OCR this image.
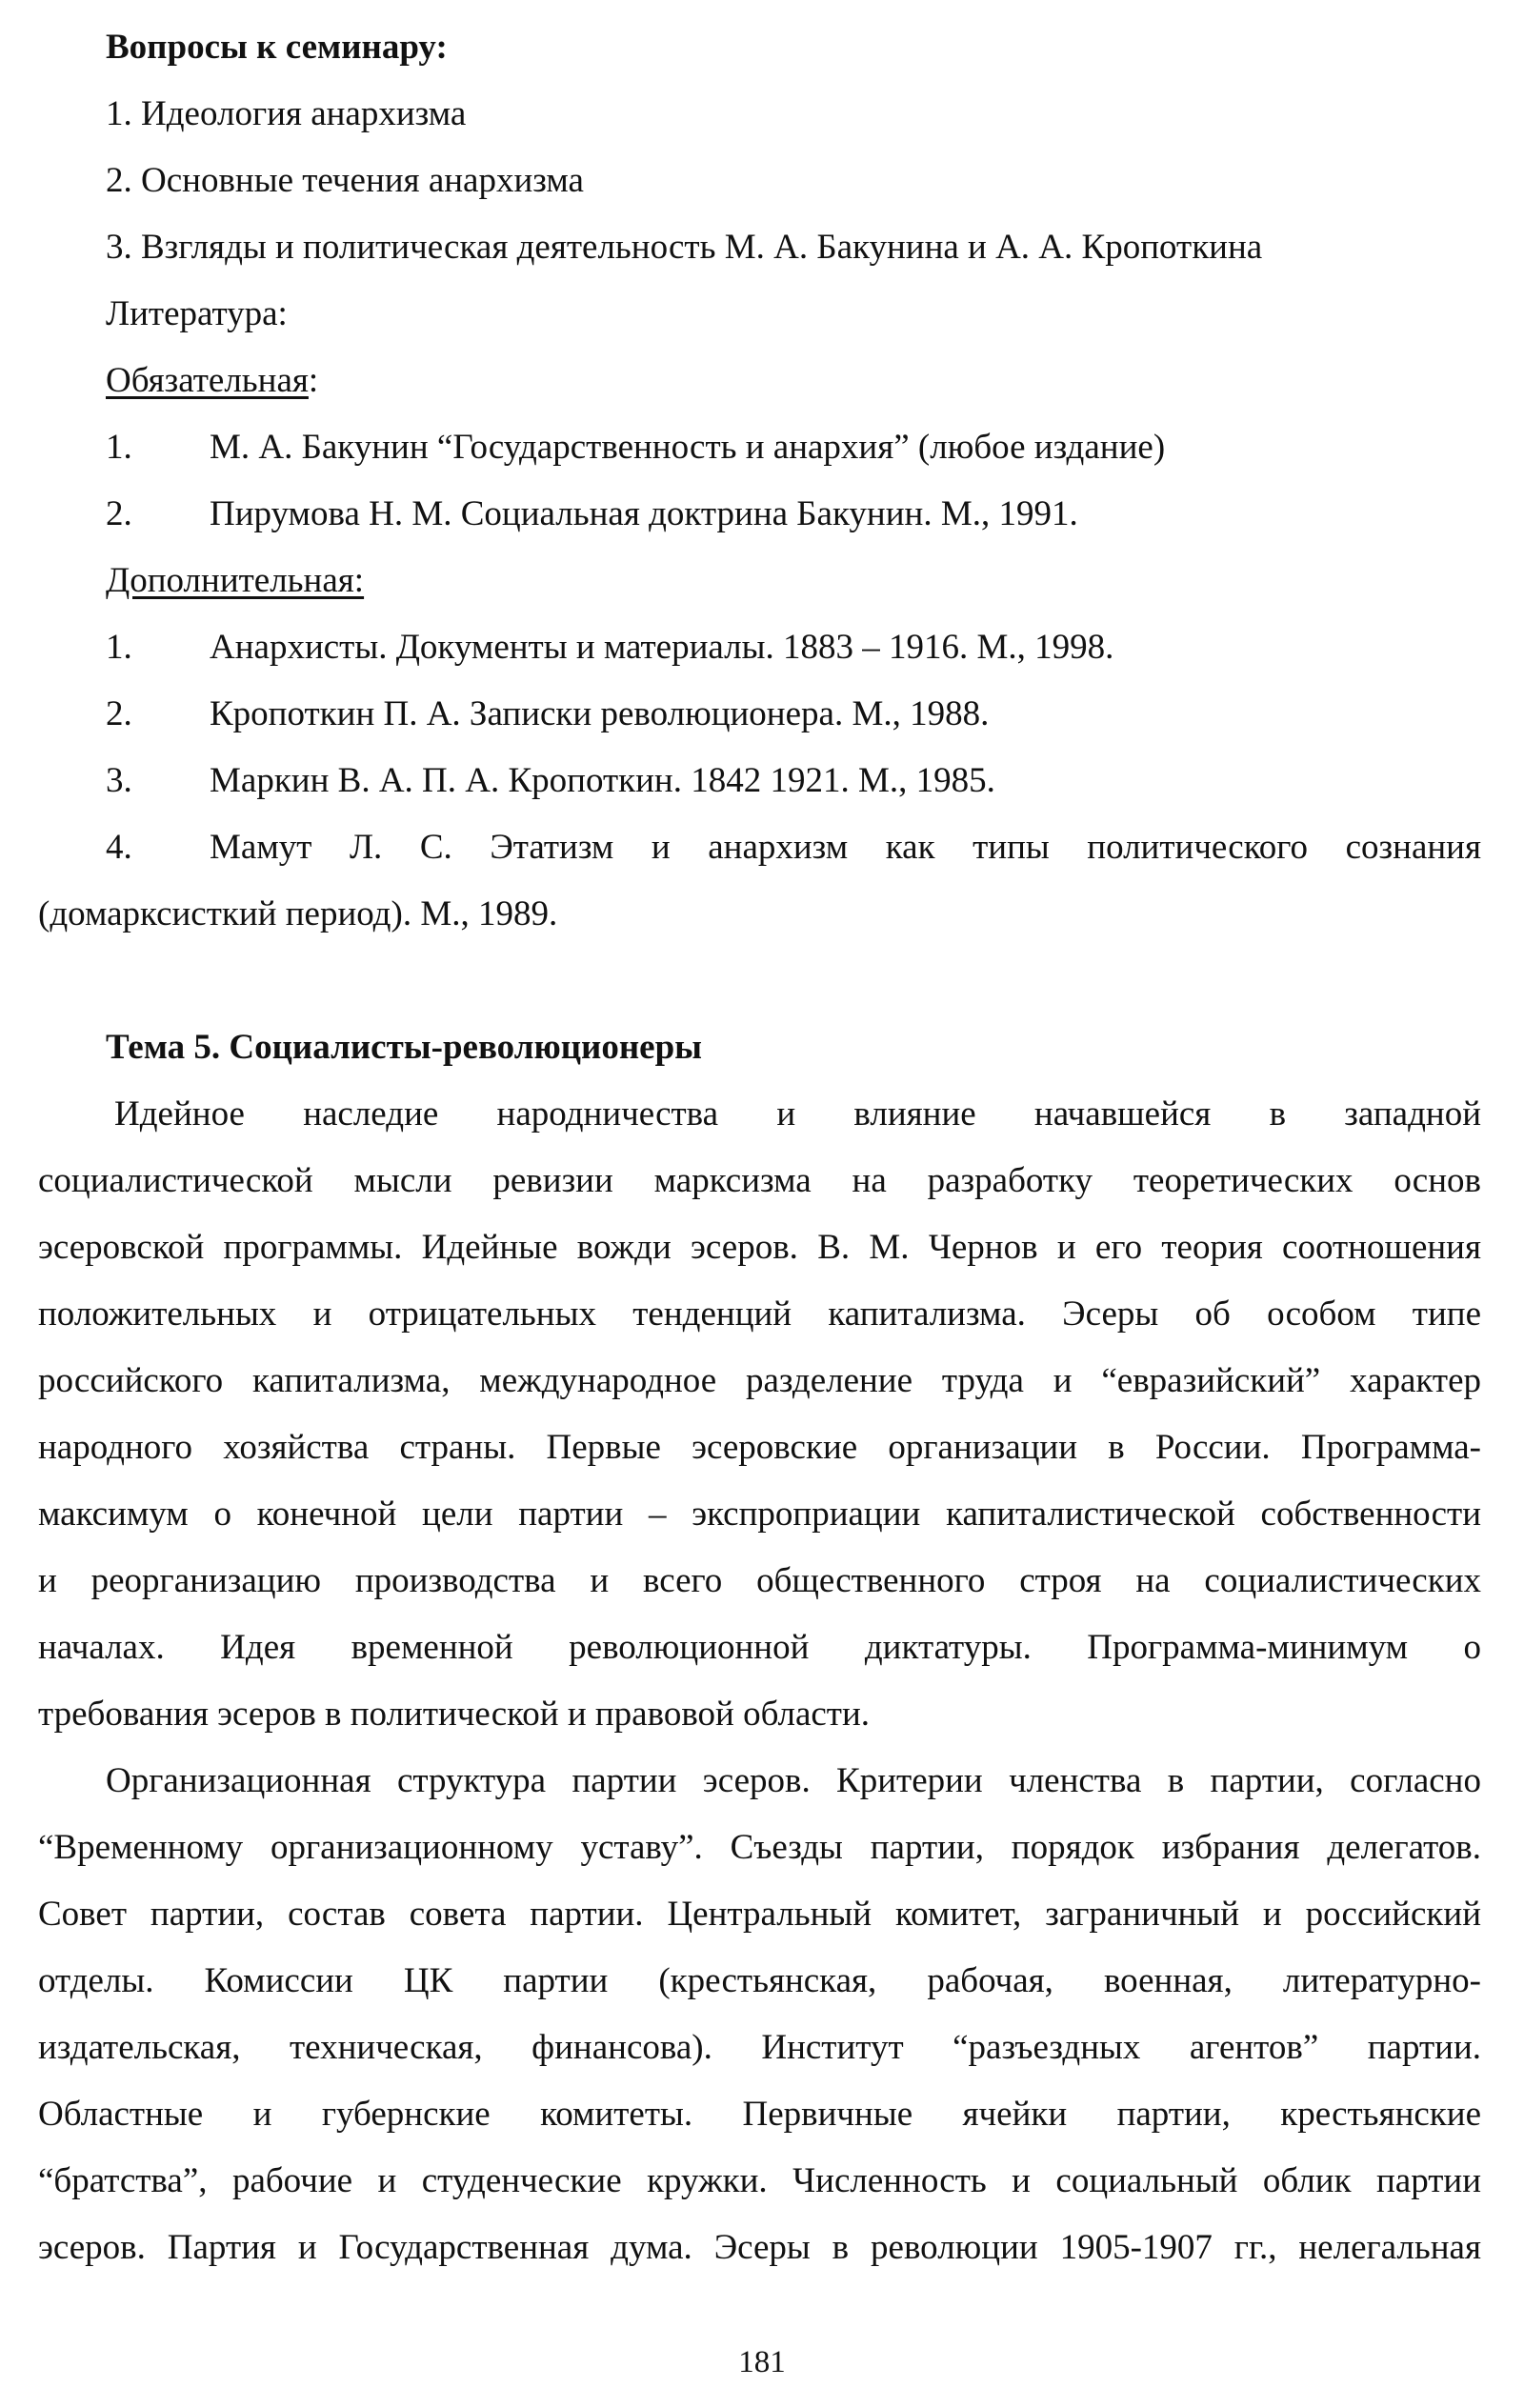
Вопросы к семинару:
1. Идеология анархизма
2. Основные течения анархизма
3. Взгляды и политическая деятельность М. А. Бакунина и А. А. Кропоткина
Литература:
Обязательная:
1. М. А. Бакунин “Государственность и анархия” (любое издание)
2. Пирумова Н. М. Социальная доктрина Бакунин. М., 1991.
Дополнительная:
1. Анархисты. Документы и материалы. 1883 – 1916. М., 1998.
2. Кропоткин П. А. Записки революционера. М., 1988.
3. Маркин В. А. П. А. Кропоткин. 1842 1921. М., 1985.
4. Мамут Л. С. Этатизм и анархизм как типы политического сознания
(домарксисткий период). М., 1989.
Тема 5. Социалисты-революционеры
Идейное наследие народничества и влияние начавшейся в западной
социалистической мысли ревизии марксизма на разработку теоретических основ
эсеровской программы. Идейные вожди эсеров. В. М. Чернов и его теория соотношения
положительных и отрицательных тенденций капитализма. Эсеры об особом типе
российского капитализма, международное разделение труда и “евразийский” характер
народного хозяйства страны. Первые эсеровские организации в России. Программа-
максимум о конечной цели партии – экспроприации капиталистической собственности
и реорганизацию производства и всего общественного строя на социалистических
началах. Идея временной революционной диктатуры. Программа-минимум о
требования эсеров в политической и правовой области.
Организационная структура партии эсеров. Критерии членства в партии, согласно
“Временному организационному уставу”. Съезды партии, порядок избрания делегатов.
Совет партии, состав совета партии. Центральный комитет, заграничный и российский
отделы. Комиссии ЦК партии (крестьянская, рабочая, военная, литературно-
издательская, техническая, финансова). Институт “разъездных агентов” партии.
Областные и губернские комитеты. Первичные ячейки партии, крестьянские
“братства”, рабочие и студенческие кружки. Численность и социальный облик партии
эсеров. Партия и Государственная дума. Эсеры в революции 1905-1907 гг., нелегальная
181
